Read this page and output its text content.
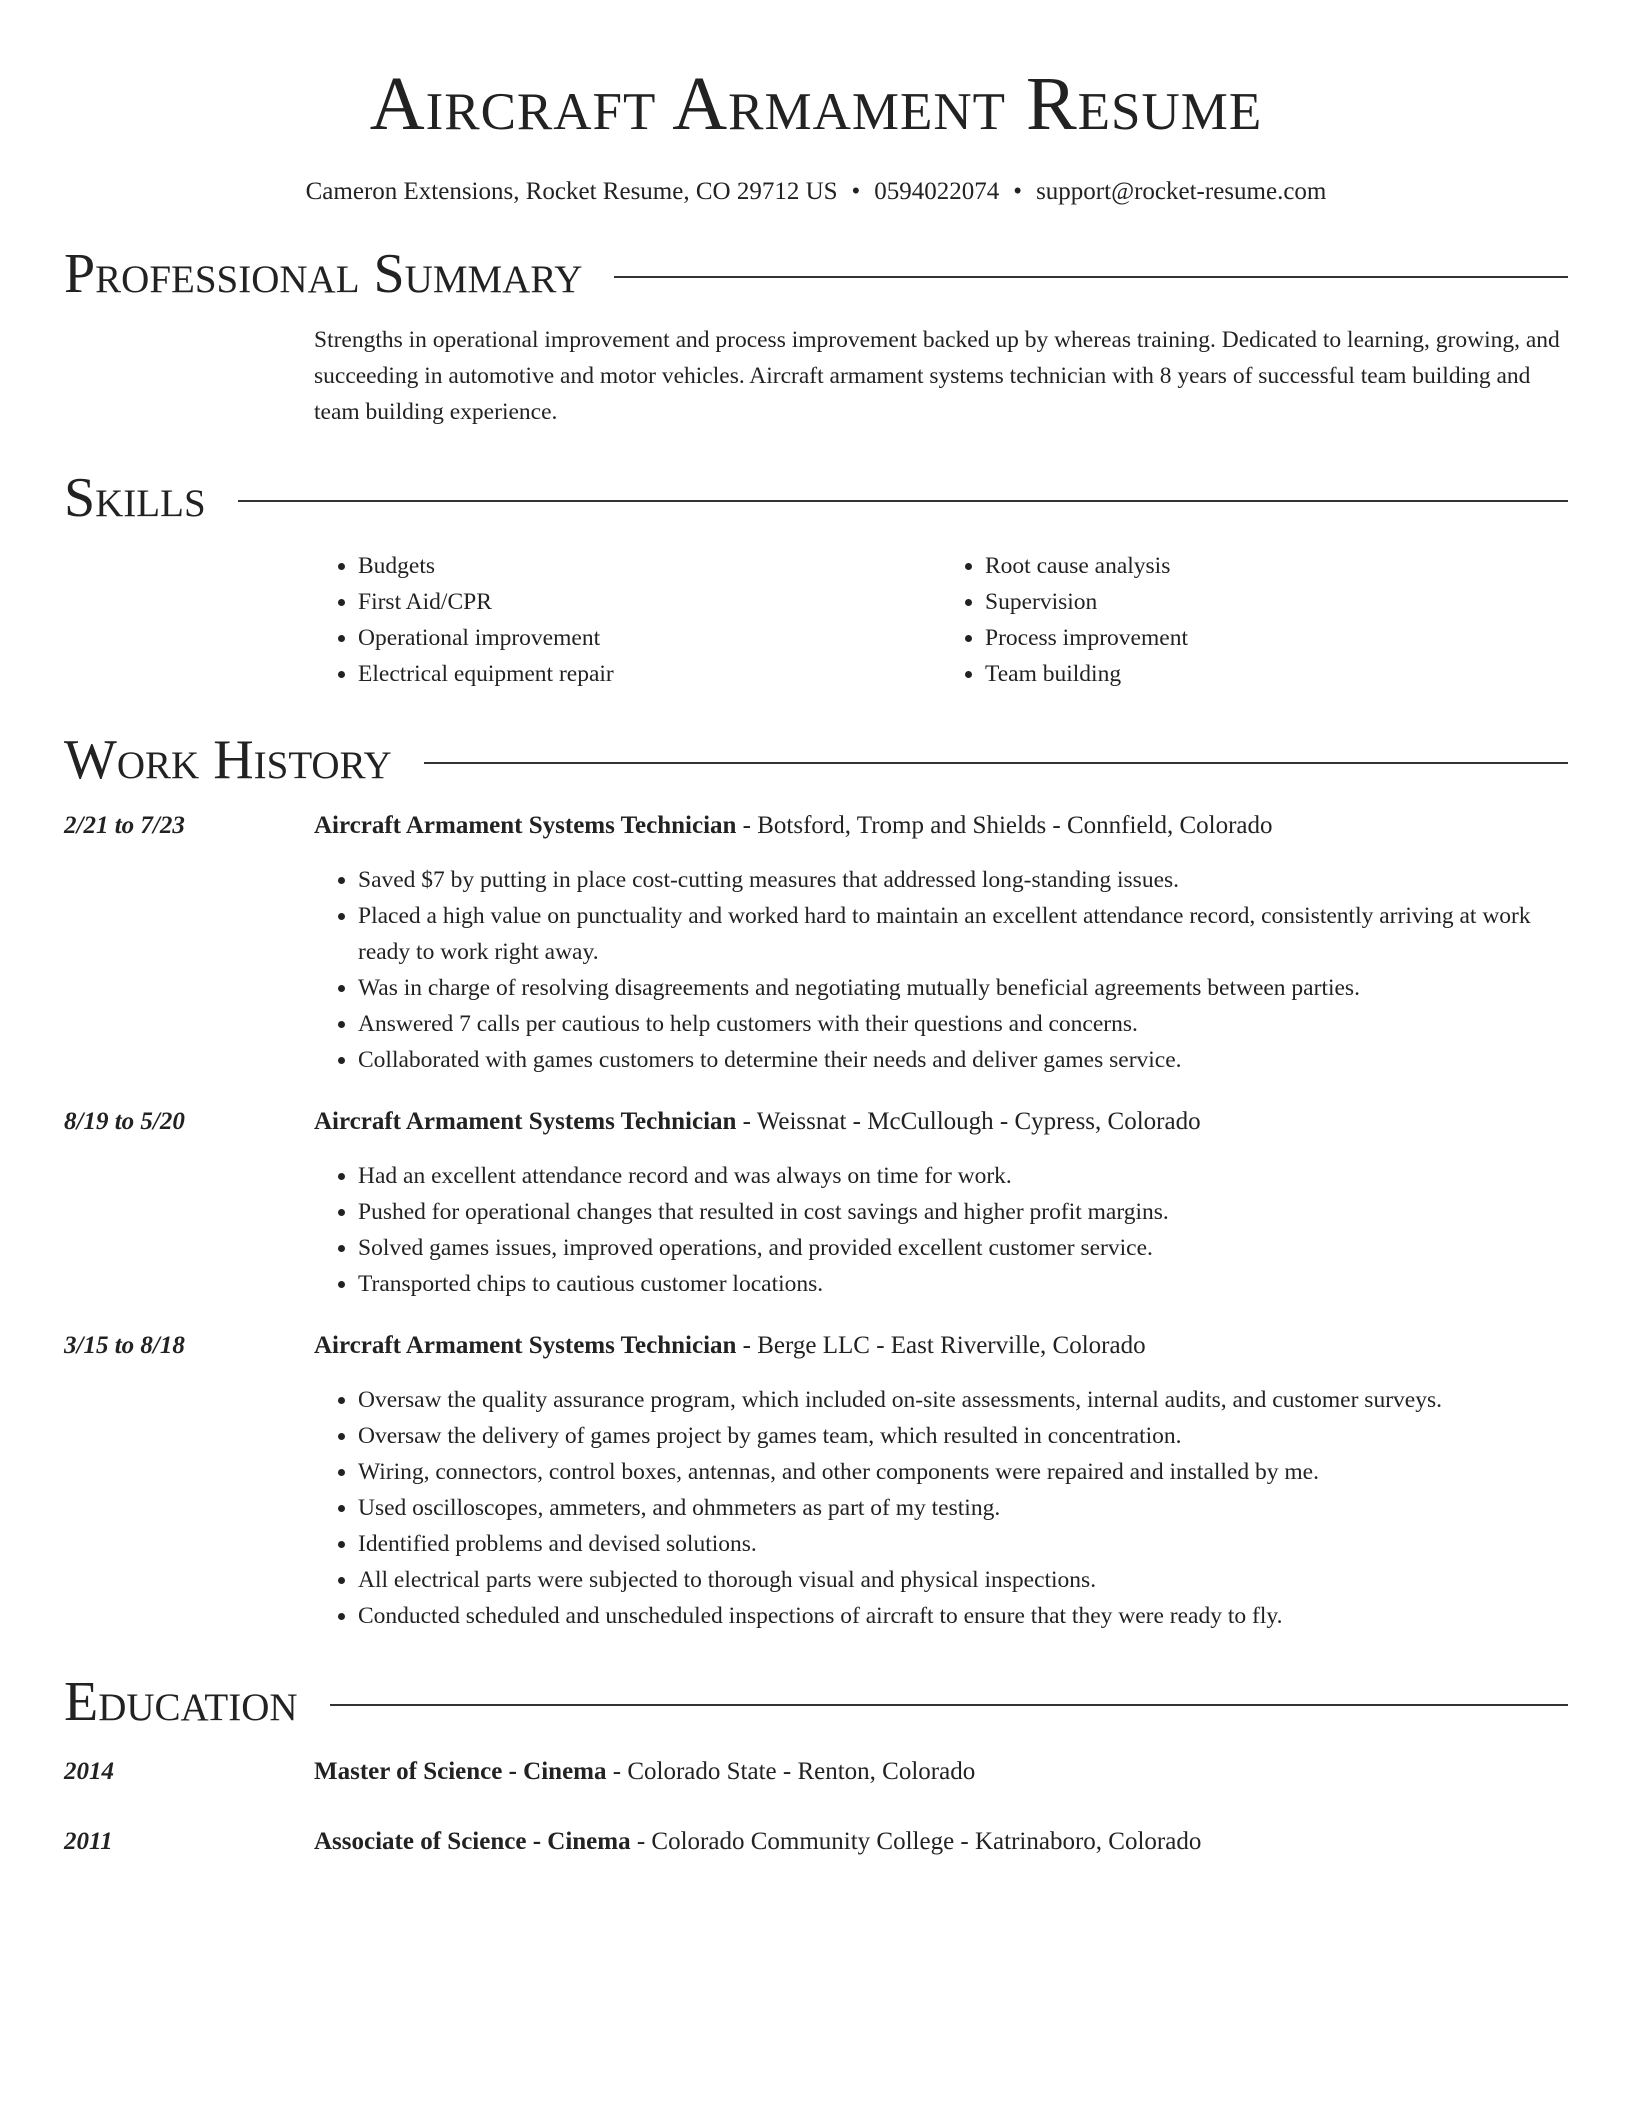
Aircraft Armament Resume
Cameron Extensions, Rocket Resume, CO 29712 US • 0594022074 • support@rocket-resume.com
Professional Summary
Strengths in operational improvement and process improvement backed up by whereas training. Dedicated to learning, growing, and succeeding in automotive and motor vehicles. Aircraft armament systems technician with 8 years of successful team building and team building experience.
Skills
• Budgets
• First Aid/CPR
• Operational improvement
• Electrical equipment repair
• Root cause analysis
• Supervision
• Process improvement
• Team building
Work History
2/21 to 7/23	Aircraft Armament Systems Technician - Botsford, Tromp and Shields - Connfield, Colorado
• Saved $7 by putting in place cost-cutting measures that addressed long-standing issues.
• Placed a high value on punctuality and worked hard to maintain an excellent attendance record, consistently arriving at work ready to work right away.
• Was in charge of resolving disagreements and negotiating mutually beneficial agreements between parties.
• Answered 7 calls per cautious to help customers with their questions and concerns.
• Collaborated with games customers to determine their needs and deliver games service.
8/19 to 5/20	Aircraft Armament Systems Technician - Weissnat - McCullough - Cypress, Colorado
• Had an excellent attendance record and was always on time for work.
• Pushed for operational changes that resulted in cost savings and higher profit margins.
• Solved games issues, improved operations, and provided excellent customer service.
• Transported chips to cautious customer locations.
3/15 to 8/18	Aircraft Armament Systems Technician - Berge LLC - East Riverville, Colorado
• Oversaw the quality assurance program, which included on-site assessments, internal audits, and customer surveys.
• Oversaw the delivery of games project by games team, which resulted in concentration.
• Wiring, connectors, control boxes, antennas, and other components were repaired and installed by me.
• Used oscilloscopes, ammeters, and ohmmeters as part of my testing.
• Identified problems and devised solutions.
• All electrical parts were subjected to thorough visual and physical inspections.
• Conducted scheduled and unscheduled inspections of aircraft to ensure that they were ready to fly.
Education
2014	Master of Science - Cinema - Colorado State - Renton, Colorado
2011	Associate of Science - Cinema - Colorado Community College - Katrinaboro, Colorado
